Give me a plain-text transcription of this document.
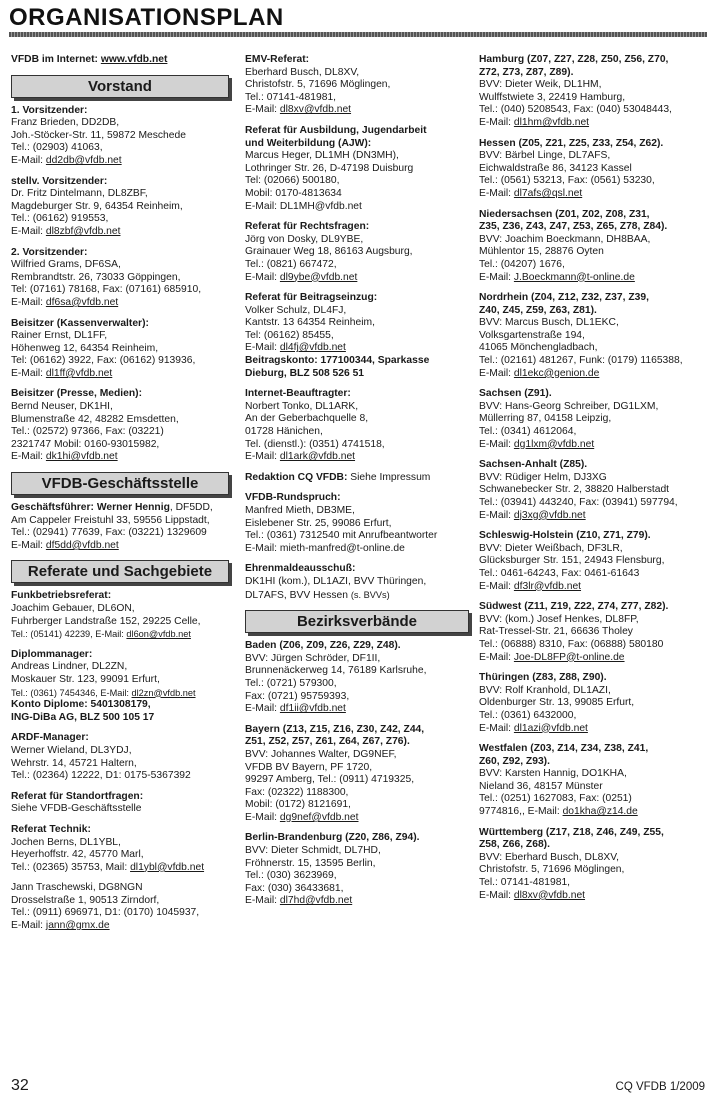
ORGANISATIONSPLAN
VFDB im Internet: www.vfdb.net
Vorstand
1. Vorsitzender:
Franz Brieden, DD2DB,
Joh.-Stöcker-Str. 11, 59872 Meschede
Tel.: (02903) 41063,
E-Mail: dd2db@vfdb.net
stellv. Vorsitzender:
Dr. Fritz Dintelmann, DL8ZBF,
Magdeburger Str. 9, 64354 Reinheim,
Tel.: (06162) 919553,
E-Mail: dl8zbf@vfdb.net
2. Vorsitzender:
Wilfried Grams, DF6SA,
Rembrandtstr. 26, 73033 Göppingen,
Tel: (07161) 78168, Fax: (07161) 685910,
E-Mail: df6sa@vfdb.net
Beisitzer (Kassenverwalter):
Rainer Ernst, DL1FF,
Höhenweg 12, 64354 Reinheim,
Tel: (06162) 3922, Fax: (06162) 913936,
E-Mail: dl1ff@vfdb.net
Beisitzer (Presse, Medien):
Bernd Neuser, DK1HI,
Blumenstraße 42, 48282 Emsdetten,
Tel.: (02572) 97366, Fax: (03221)
2321747 Mobil: 0160-93015982,
E-Mail: dk1hi@vfdb.net
VFDB-Geschäftsstelle
Geschäftsführer: Werner Hennig, DF5DD,
Am Cappeler Freistuhl 33, 59556 Lippstadt,
Tel.: (02941) 77639, Fax: (03221) 1329609
E-Mail: df5dd@vfdb.net
Referate und Sachgebiete
Funkbetriebsreferat:
Joachim Gebauer, DL6ON,
Fuhrberger Landstraße 152, 29225 Celle,
Tel.: (05141) 42239, E-Mail: dl6on@vfdb.net
Diplommanager:
Andreas Lindner, DL2ZN,
Moskauer Str. 123, 99091 Erfurt,
Tel.: (0361) 7454346, E-Mail: dl2zn@vfdb.net
Konto Diplome: 5401308179,
ING-DiBa AG, BLZ 500 105 17
ARDF-Manager:
Werner Wieland, DL3YDJ,
Wehrstr. 14, 45721 Haltern,
Tel.: (02364) 12222, D1: 0175-5367392
Referat für Standortfragen:
Siehe VFDB-Geschäftsstelle
Referat Technik:
Jochen Berns, DL1YBL,
Heyerhoffstr. 42, 45770 Marl,
Tel.: (02365) 35753, Mail: dl1ybl@vfdb.net
Jann Traschewski, DG8NGN
Drosselstraße 1, 90513 Zirndorf,
Tel.: (0911) 696971, D1: (0170) 1045937,
E-Mail: jann@gmx.de
EMV-Referat:
Eberhard Busch, DL8XV,
Christofstr. 5, 71696 Möglingen,
Tel.: 07141-481981,
E-Mail: dl8xv@vfdb.net
Referat für Ausbildung, Jugendarbeit
und Weiterbildung (AJW):
Marcus Heger, DL1MH (DN3MH),
Lothringer Str. 26, D-47198 Duisburg
Tel: (02066) 500180,
Mobil: 0170-4813634
E-Mail: DL1MH@vfdb.net
Referat für Rechtsfragen:
Jörg von Dosky, DL9YBE,
Grainauer Weg 18, 86163 Augsburg,
Tel.: (0821) 667472,
E-Mail: dl9ybe@vfdb.net
Referat für Beitragseinzug:
Volker Schulz, DL4FJ,
Kantstr. 13 64354 Reinheim,
Tel: (06162) 85455,
E-Mail: dl4fj@vfdb.net
Beitragskonto: 177100344, Sparkasse
Dieburg, BLZ 508 526 51
Internet-Beauftragter:
Norbert Tonko, DL1ARK,
An der Geberbachquelle 8,
01728 Hänichen,
Tel. (dienstl.): (0351) 4741518,
E-Mail: dl1ark@vfdb.net
Redaktion CQ VFDB: Siehe Impressum
VFDB-Rundspruch:
Manfred Mieth, DB3ME,
Eislebener Str. 25, 99086 Erfurt,
Tel.: (0361) 7312540 mit Anrufbeantworter
E-Mail: mieth-manfred@t-online.de
Ehrenmaldeausschuß:
DK1HI (kom.), DL1AZI, BVV Thüringen,
DL7AFS, BVV Hessen (s. BVVs)
Bezirksverbände
Baden (Z06, Z09, Z26, Z29, Z48).
BVV: Jürgen Schröder, DF1II,
Brunnenäckerweg 14, 76189 Karlsruhe,
Tel.: (0721) 579300,
Fax: (0721) 95759393,
E-Mail: df1ii@vfdb.net
Bayern (Z13, Z15, Z16, Z30, Z42, Z44,
Z51, Z52, Z57, Z61, Z64, Z67, Z76).
BVV: Johannes Walter, DG9NEF,
VFDB BV Bayern, PF 1720,
99297 Amberg, Tel.: (0911) 4719325,
Fax: (02322) 1188300,
Mobil: (0172) 8121691,
E-Mail: dg9nef@vfdb.net
Berlin-Brandenburg (Z20, Z86, Z94).
BVV: Dieter Schmidt, DL7HD,
Fröhnerstr. 15, 13595 Berlin,
Tel.: (030) 3623969,
Fax: (030) 36433681,
E-Mail: dl7hd@vfdb.net
Hamburg (Z07, Z27, Z28, Z50, Z56, Z70,
Z72, Z73, Z87, Z89).
BVV: Dieter Weik, DL1HM,
Wulffstwiete 3, 22419 Hamburg,
Tel.: (040) 5208543, Fax: (040) 53048443,
E-Mail: dl1hm@vfdb.net
Hessen (Z05, Z21, Z25, Z33, Z54, Z62).
BVV: Bärbel Linge, DL7AFS,
Eichwaldstraße 86, 34123 Kassel
Tel.: (0561) 53213, Fax: (0561) 53230,
E-Mail: dl7afs@qsl.net
Niedersachsen (Z01, Z02, Z08, Z31,
Z35, Z36, Z43, Z47, Z53, Z65, Z78, Z84).
BVV: Joachim Boeckmann, DH8BAA,
Mühlentor 15, 28876 Oyten
Tel.: (04207) 1676,
E-Mail: J.Boeckmann@t-online.de
Nordrhein (Z04, Z12, Z32, Z37, Z39,
Z40, Z45, Z59, Z63, Z81).
BVV: Marcus Busch, DL1EKC,
Volksgartenstraße 194,
41065 Mönchengladbach,
Tel.: (02161) 481267, Funk: (0179) 1165388,
E-Mail: dl1ekc@genion.de
Sachsen (Z91).
BVV: Hans-Georg Schreiber, DG1LXM,
Müllerring 87, 04158 Leipzig,
Tel.: (0341) 4612064,
E-Mail: dg1lxm@vfdb.net
Sachsen-Anhalt (Z85).
BVV: Rüdiger Helm, DJ3XG
Schwanebecker Str. 2, 38820 Halberstadt
Tel.: (03941) 443240, Fax: (03941) 597794,
E-Mail: dj3xg@vfdb.net
Schleswig-Holstein (Z10, Z71, Z79).
BVV: Dieter Weißbach, DF3LR,
Glücksburger Str. 151, 24943 Flensburg,
Tel.: 0461-64243, Fax: 0461-61643
E-Mail: df3lr@vfdb.net
Südwest (Z11, Z19, Z22, Z74, Z77, Z82).
BVV: (kom.) Josef Henkes, DL8FP,
Rat-Tressel-Str. 21, 66636 Tholey
Tel.: (06888) 8310, Fax: (06888) 580180
E-Mail: Joe-DL8FP@t-online.de
Thüringen (Z83, Z88, Z90).
BVV: Rolf Kranhold, DL1AZI,
Oldenburger Str. 13, 99085 Erfurt,
Tel.: (0361) 6432000,
E-Mail: dl1azi@vfdb.net
Westfalen (Z03, Z14, Z34, Z38, Z41,
Z60, Z92, Z93).
BVV: Karsten Hannig, DO1KHA,
Nieland 36, 48157 Münster
Tel.: (0251) 1627083, Fax: (0251)
9774816,, E-Mail: do1kha@z14.de
Württemberg (Z17, Z18, Z46, Z49, Z55,
Z58, Z66, Z68).
BVV: Eberhard Busch, DL8XV,
Christofstr. 5, 71696 Möglingen,
Tel.: 07141-481981,
E-Mail: dl8xv@vfdb.net
32	CQ VFDB 1/2009
